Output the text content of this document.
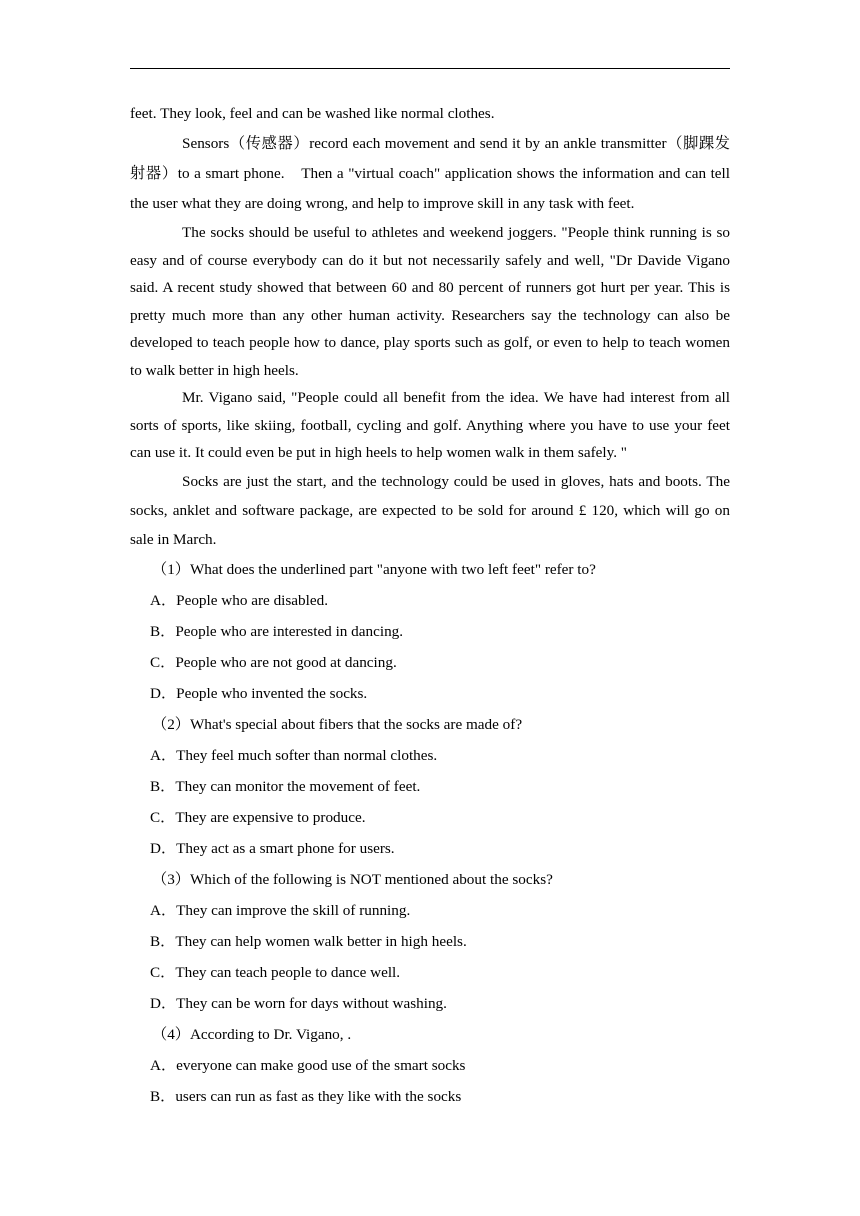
feet. They look, feel and can be washed like normal clothes.

Sensors（传感器）record each movement and send it by an ankle transmitter（脚踝发射器）to a smart phone.　Then a "virtual coach" application shows the information and can tell the user what they are doing wrong, and help to improve skill in any task with feet.

The socks should be useful to athletes and weekend joggers. "People think running is so easy and of course everybody can do it but not necessarily safely and well, "Dr Davide Vigano said. A recent study showed that between 60 and 80 percent of runners got hurt per year. This is pretty much more than any other human activity. Researchers say the technology can also be developed to teach people how to dance, play sports such as golf, or even to help to teach women to walk better in high heels.

Mr. Vigano said, "People could all benefit from the idea. We have had interest from all sorts of sports, like skiing, football, cycling and golf. Anything where you have to use your feet can use it. It could even be put in high heels to help women walk in them safely. "

Socks are just the start, and the technology could be used in gloves, hats and boots. The socks, anklet and software package, are expected to be sold for around £ 120, which will go on sale in March.

（1）What does the underlined part "anyone with two left feet" refer to?

A．People who are disabled.

B．People who are interested in dancing.

C．People who are not good at dancing.

D．People who invented the socks.

（2）What's special about fibers that the socks are made of?

A．They feel much softer than normal clothes.

B．They can monitor the movement of feet.

C．They are expensive to produce.

D．They act as a smart phone for users.

（3）Which of the following is NOT mentioned about the socks?

A．They can improve the skill of running.

B．They can help women walk better in high heels.

C．They can teach people to dance well.

D．They can be worn for days without washing.

（4）According to Dr. Vigano, .

A．everyone can make good use of the smart socks

B．users can run as fast as they like with the socks
